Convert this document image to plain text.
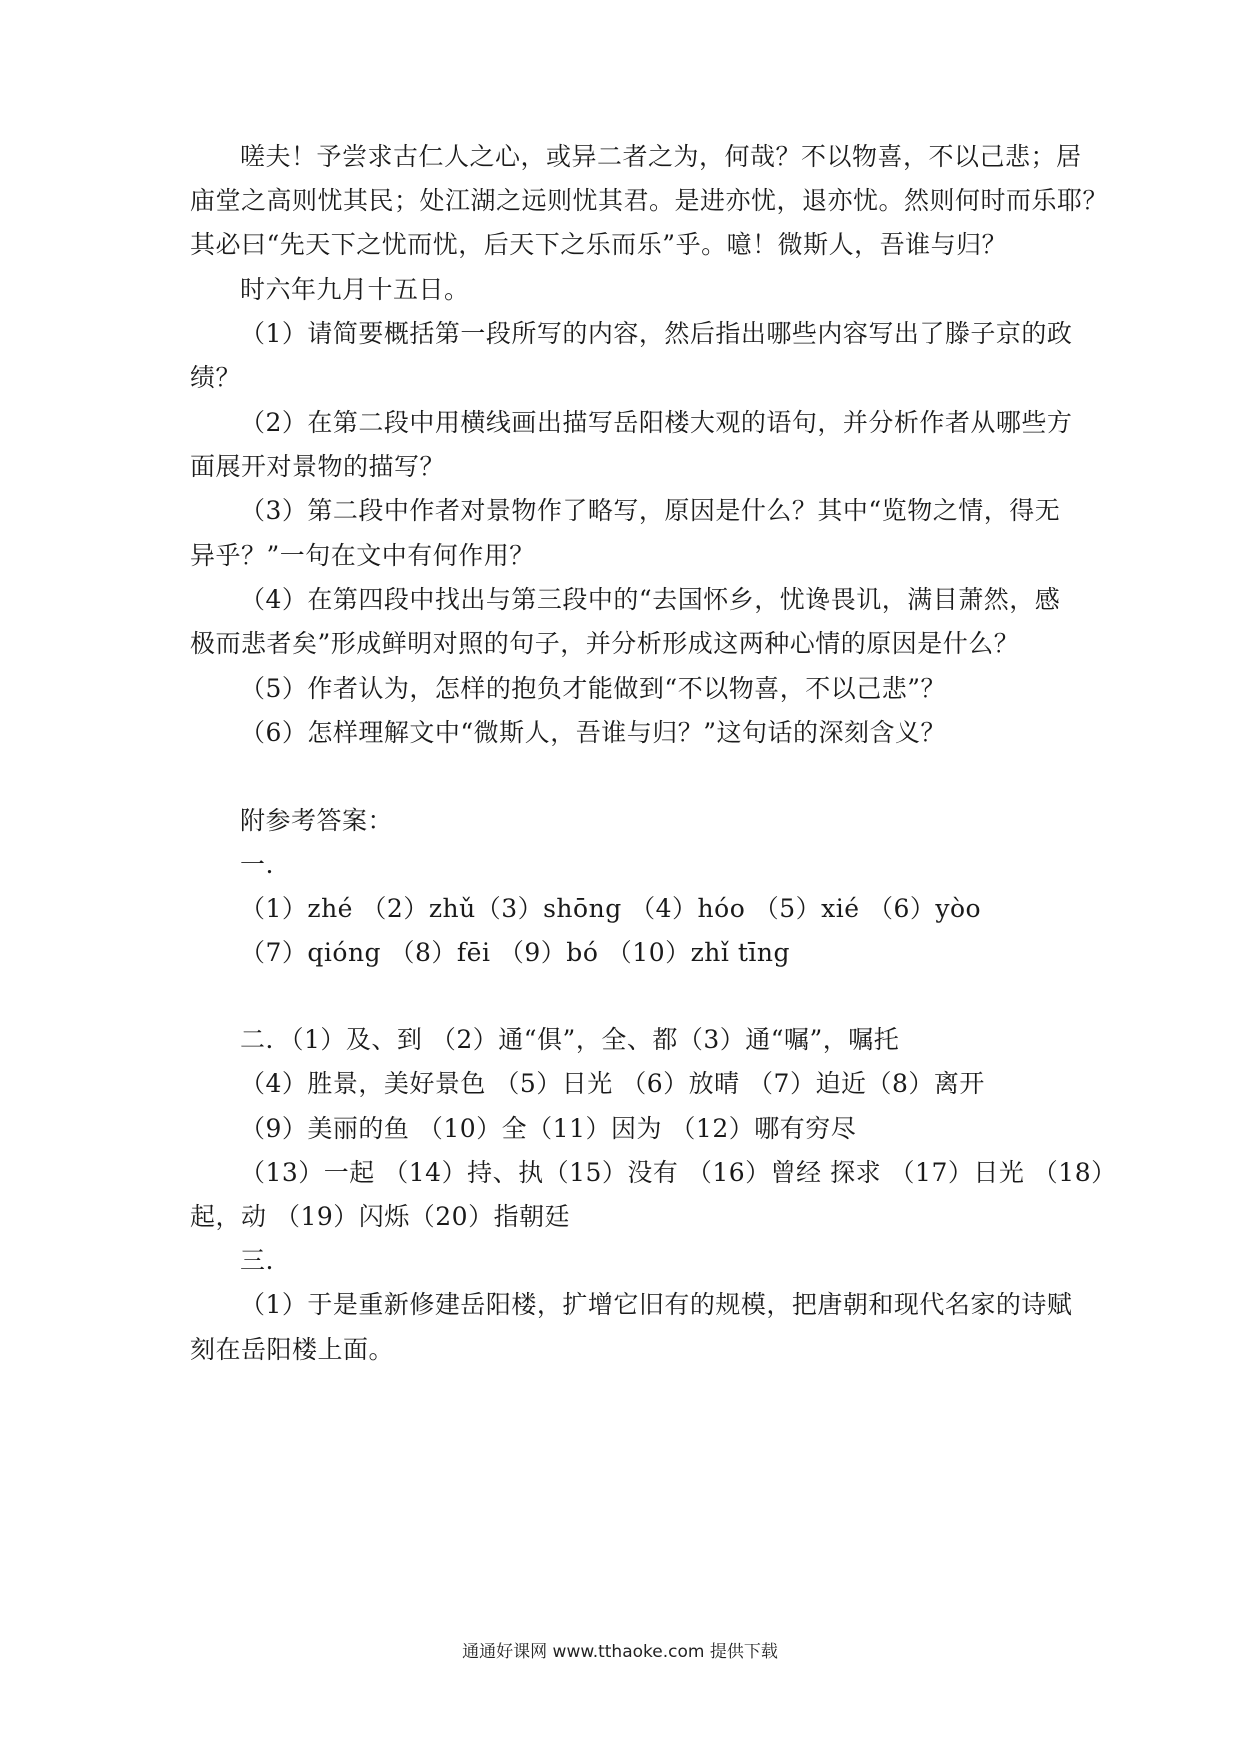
嗟夫！予尝求古仁人之心，或异二者之为，何哉？不以物喜，不以己悲；居
庙堂之高则忧其民；处江湖之远则忧其君。是进亦忧，退亦忧。然则何时而乐耶？
其必曰“先天下之忧而忧，后天下之乐而乐”乎。噫！微斯人，吾谁与归？
时六年九月十五日。
（1）请简要概括第一段所写的内容，然后指出哪些内容写出了滕子京的政
绩？
（2）在第二段中用横线画出描写岳阳楼大观的语句，并分析作者从哪些方
面展开对景物的描写？
（3）第二段中作者对景物作了略写，原因是什么？其中“览物之情，得无
异乎？”一句在文中有何作用？
（4）在第四段中找出与第三段中的“去国怀乡，忧谗畏讥，满目萧然，感
极而悲者矣”形成鲜明对照的句子，并分析形成这两种心情的原因是什么？
（5）作者认为，怎样的抱负才能做到“不以物喜，不以己悲”？
（6）怎样理解文中“微斯人，吾谁与归？”这句话的深刻含义？
附参考答案：
一.
（1）zhé （2）zhǔ（3）shōng （4）hóo （5）xié （6）yòo
（7）qióng （8）fēi （9）bó （10）zhǐ tīng
二．（1）及、到 （2）通“俱”，全、都（3）通“嘱”，嘱托
（4）胜景，美好景色 （5）日光 （6）放晴 （7）迫近（8）离开
（9）美丽的鱼 （10）全（11）因为 （12）哪有穷尽
（13）一起 （14）持、执（15）没有 （16）曾经 探求 （17）日光 （18）
起，动 （19）闪烁（20）指朝廷
三.
（1）于是重新修建岳阳楼，扩增它旧有的规模，把唐朝和现代名家的诗赋
刻在岳阳楼上面。
通通好课网 www.tthaoke.com 提供下载
